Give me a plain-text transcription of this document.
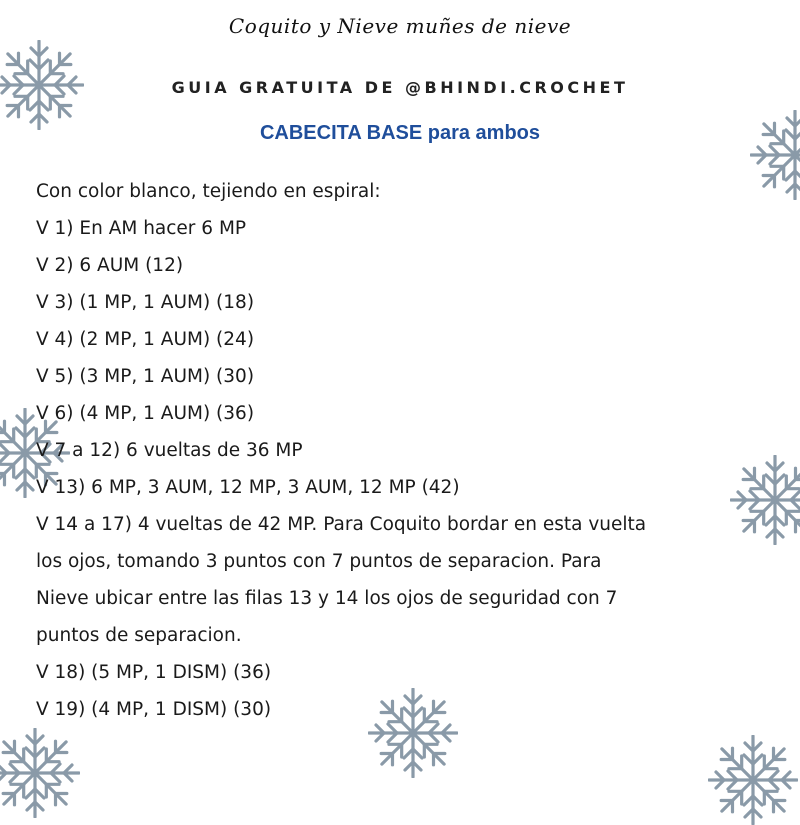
Coquito y Nieve muñes de nieve
GUIA GRATUITA DE @BHINDI.CROCHET
CABECITA BASE para ambos
Con color blanco, tejiendo en espiral:
V 1) En AM hacer 6 MP
V 2) 6 AUM (12)
V 3) (1 MP, 1 AUM) (18)
V 4) (2 MP, 1 AUM) (24)
V 5) (3 MP, 1 AUM) (30)
V 6) (4 MP, 1 AUM) (36)
V 7 a 12) 6 vueltas de 36 MP
V 13) 6 MP, 3 AUM, 12 MP, 3 AUM, 12 MP (42)
V 14 a 17) 4 vueltas de 42 MP. Para Coquito bordar en esta vuelta
los ojos, tomando 3 puntos con 7 puntos de separacion. Para
Nieve ubicar entre las filas 13 y 14 los ojos de seguridad con 7
puntos de separacion.
V 18) (5 MP, 1 DISM) (36)
V 19) (4 MP, 1 DISM) (30)
